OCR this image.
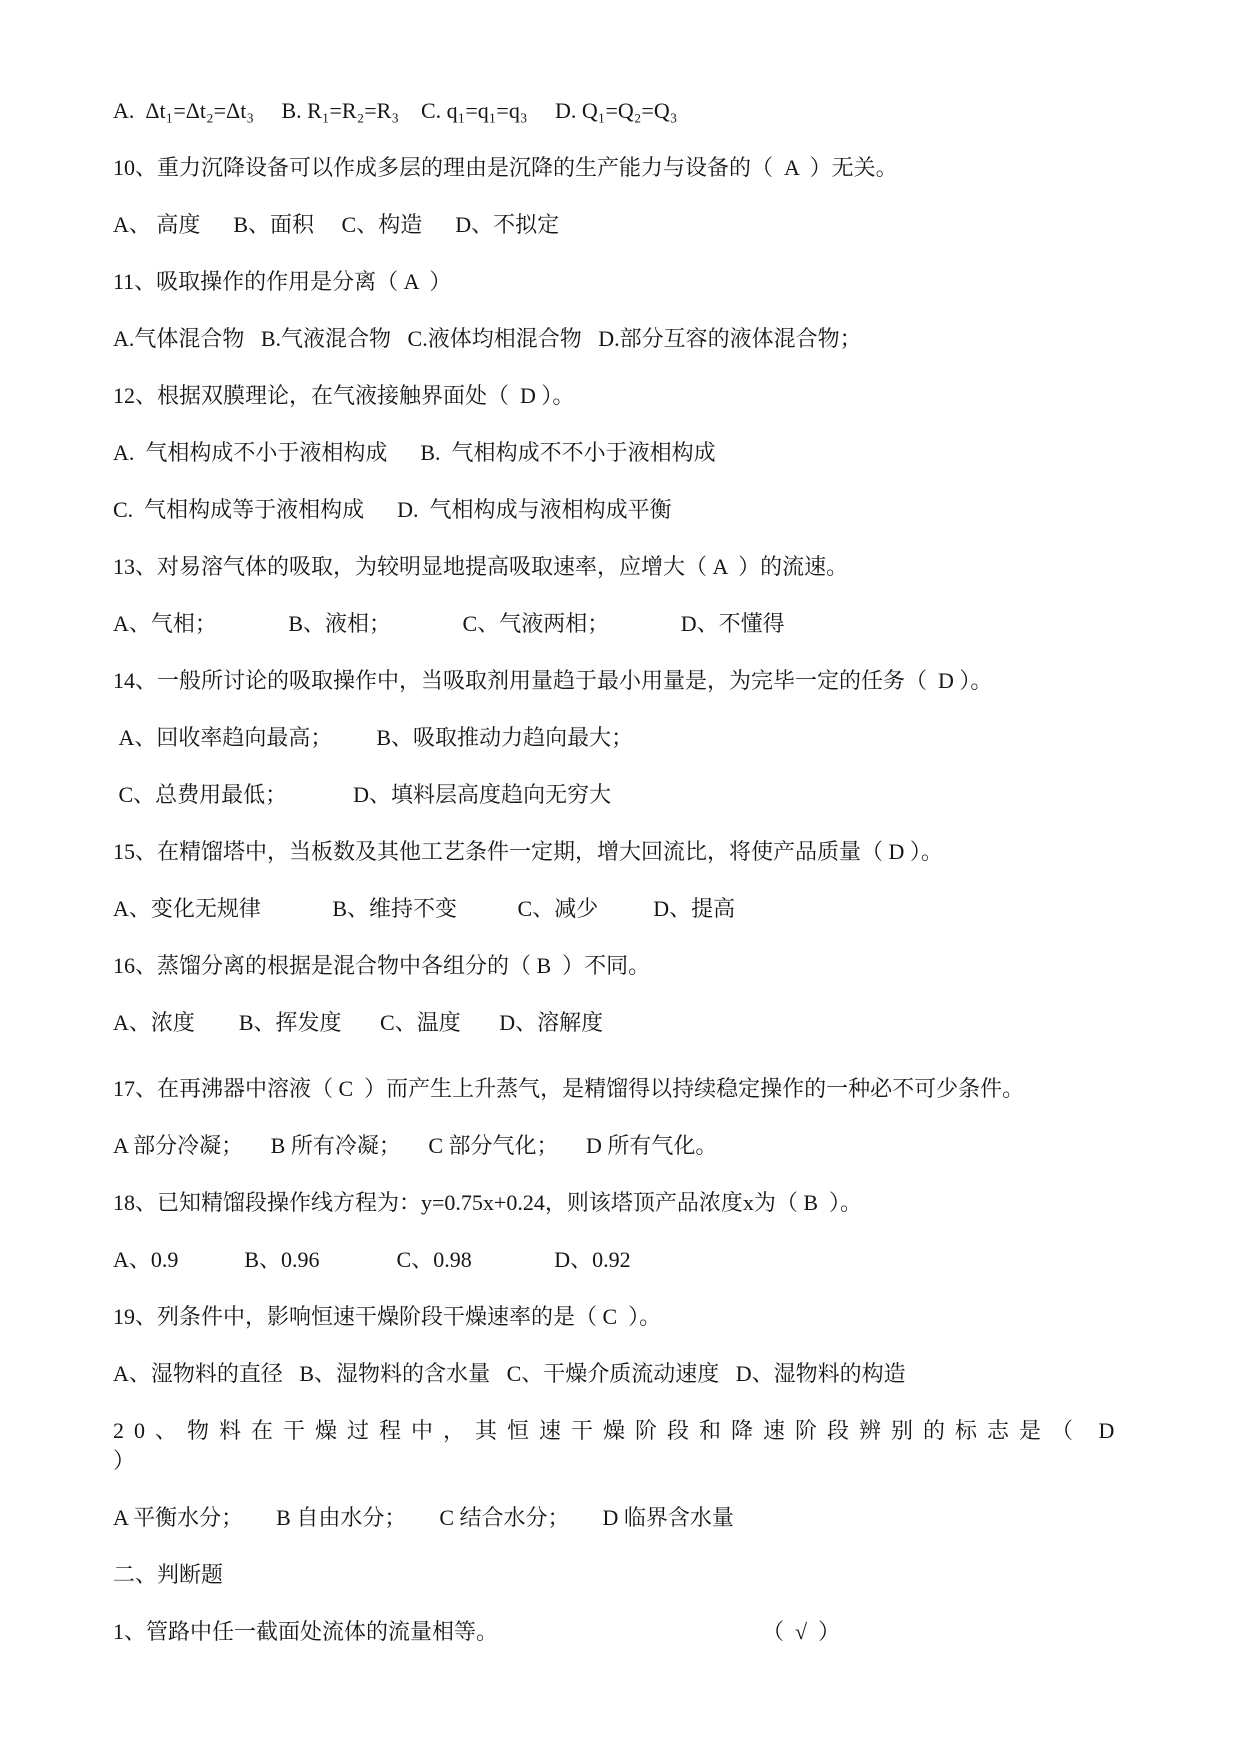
A.  Δt₁=Δt₂=Δt₃     B. R₁=R₂=R₃    C. q₁=q₁=q₃     D. Q₁=Q₂=Q₃

10、重力沉降设备可以作成多层的理由是沉降的生产能力与设备的（  A  ）无关。

A、 高度      B、面积     C、构造      D、不拟定

11、吸取操作的作用是分离（ A  ）

A.气体混合物   B.气液混合物   C.液体均相混合物   D.部分互容的液体混合物；

12、根据双膜理论，在气液接触界面处（  D ）。

A.  气相构成不小于液相构成      B.  气相构成不不小于液相构成

C.  气相构成等于液相构成      D.  气相构成与液相构成平衡

13、对易溶气体的吸取，为较明显地提高吸取速率，应增大（ A  ）的流速。

A、气相；             B、液相；             C、气液两相；             D、不懂得

14、一般所讨论的吸取操作中，当吸取剂用量趋于最小用量是，为完毕一定的任务（  D ）。

A、回收率趋向最高；        B、吸取推动力趋向最大；

C、总费用最低；            D、填料层高度趋向无穷大

15、在精馏塔中，当板数及其他工艺条件一定期，增大回流比，将使产品质量（ D ）。

A、变化无规律             B、维持不变           C、减少          D、提高

16、蒸馏分离的根据是混合物中各组分的（ B  ）不同。

A、浓度        B、挥发度       C、温度       D、溶解度

17、在再沸器中溶液（ C  ）而产生上升蒸气，是精馏得以持续稳定操作的一种必不可少条件。

A 部分冷凝；     B 所有冷凝；     C 部分气化；     D 所有气化。

18、已知精馏段操作线方程为：y=0.75x+0.24，则该塔顶产品浓度x为（ B  ）。

A、0.9            B、0.96              C、0.98               D、0.92

19、列条件中，影响恒速干燥阶段干燥速率的是（ C  ）。

A、湿物料的直径   B、湿物料的含水量   C、干燥介质流动速度   D、湿物料的构造

20、物料在干燥过程中，其恒速干燥阶段和降速阶段辨别的标志是（ D ）

A 平衡水分；      B 自由水分；      C 结合水分；      D 临界含水量

二、判断题

1、管路中任一截面处流体的流量相等。　　　　　　　　　　　　　（  √  ）
